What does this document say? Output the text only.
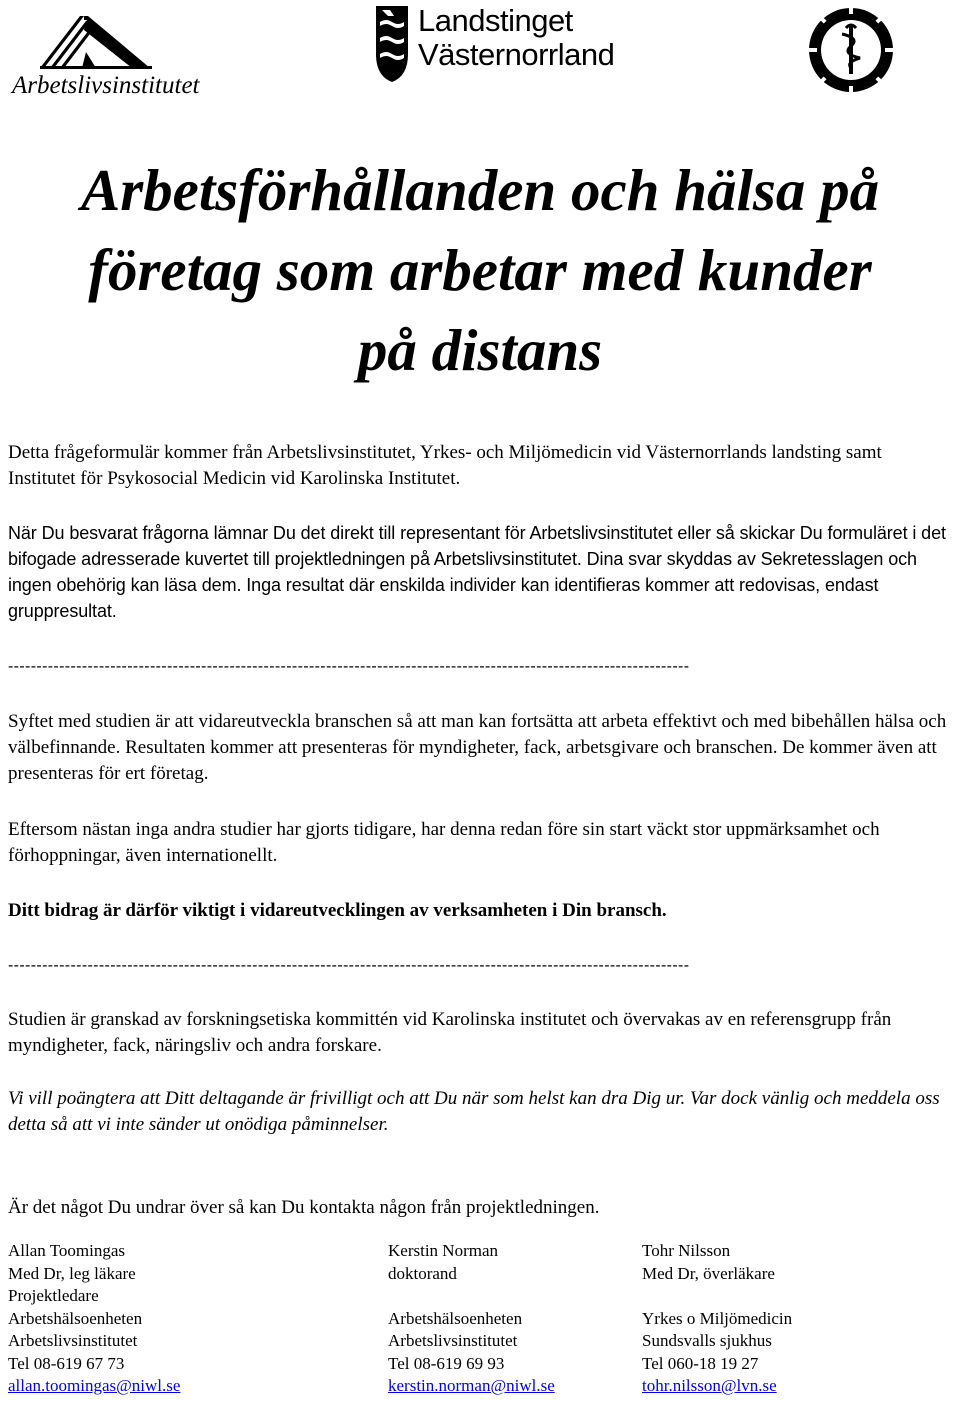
Arbetslivsinstitutet
Landstinget
Västernorrland
Arbetsförhållanden och hälsa på
företag som arbetar med kunder
på distans
Detta frågeformulär kommer från Arbetslivsinstitutet, Yrkes- och Miljömedicin vid Västernorrlands landsting samt Institutet för Psykosocial Medicin vid Karolinska Institutet.
När Du besvarat frågorna lämnar Du det direkt till representant för Arbetslivsinstitutet eller så skickar Du formuläret i det bifogade adresserade kuvertet till projektledningen på Arbetslivsinstitutet. Dina svar skyddas av Sekretesslagen och ingen obehörig kan läsa dem. Inga resultat där enskilda individer kan identifieras kommer att redovisas, endast gruppresultat.
------------------------------------------------------------------------------------------------------------------------
Syftet med studien är att vidareutveckla branschen så att man kan fortsätta att arbeta effektivt och med bibehållen hälsa och välbefinnande. Resultaten kommer att presenteras för myndigheter, fack, arbetsgivare och branschen. De kommer även att presenteras för ert företag.
Eftersom nästan inga andra studier har gjorts tidigare, har denna redan före sin start väckt stor uppmärksamhet och förhoppningar, även internationellt.
Ditt bidrag är därför viktigt i vidareutvecklingen av verksamheten i Din bransch.
------------------------------------------------------------------------------------------------------------------------
Studien är granskad av forskningsetiska kommittén vid Karolinska institutet och övervakas av en referensgrupp från myndigheter, fack, näringsliv och andra forskare.
Vi vill poängtera att Ditt deltagande är frivilligt och att Du när som helst kan dra Dig ur. Var dock vänlig och meddela oss detta så att vi inte sänder ut onödiga påminnelser.
Är det något Du undrar över så kan Du kontakta någon från projektledningen.
Allan Toomingas
Med Dr, leg läkare
Projektledare
Arbetshälsoenheten
Arbetslivsinstitutet
Tel 08-619 67 73
allan.toomingas@niwl.se
Kerstin Norman
doktorand
Arbetshälsoenheten
Arbetslivsinstitutet
Tel 08-619 69 93
kerstin.norman@niwl.se
Tohr Nilsson
Med Dr, överläkare
Yrkes o Miljömedicin
Sundsvalls sjukhus
Tel 060-18 19 27
tohr.nilsson@lvn.se
